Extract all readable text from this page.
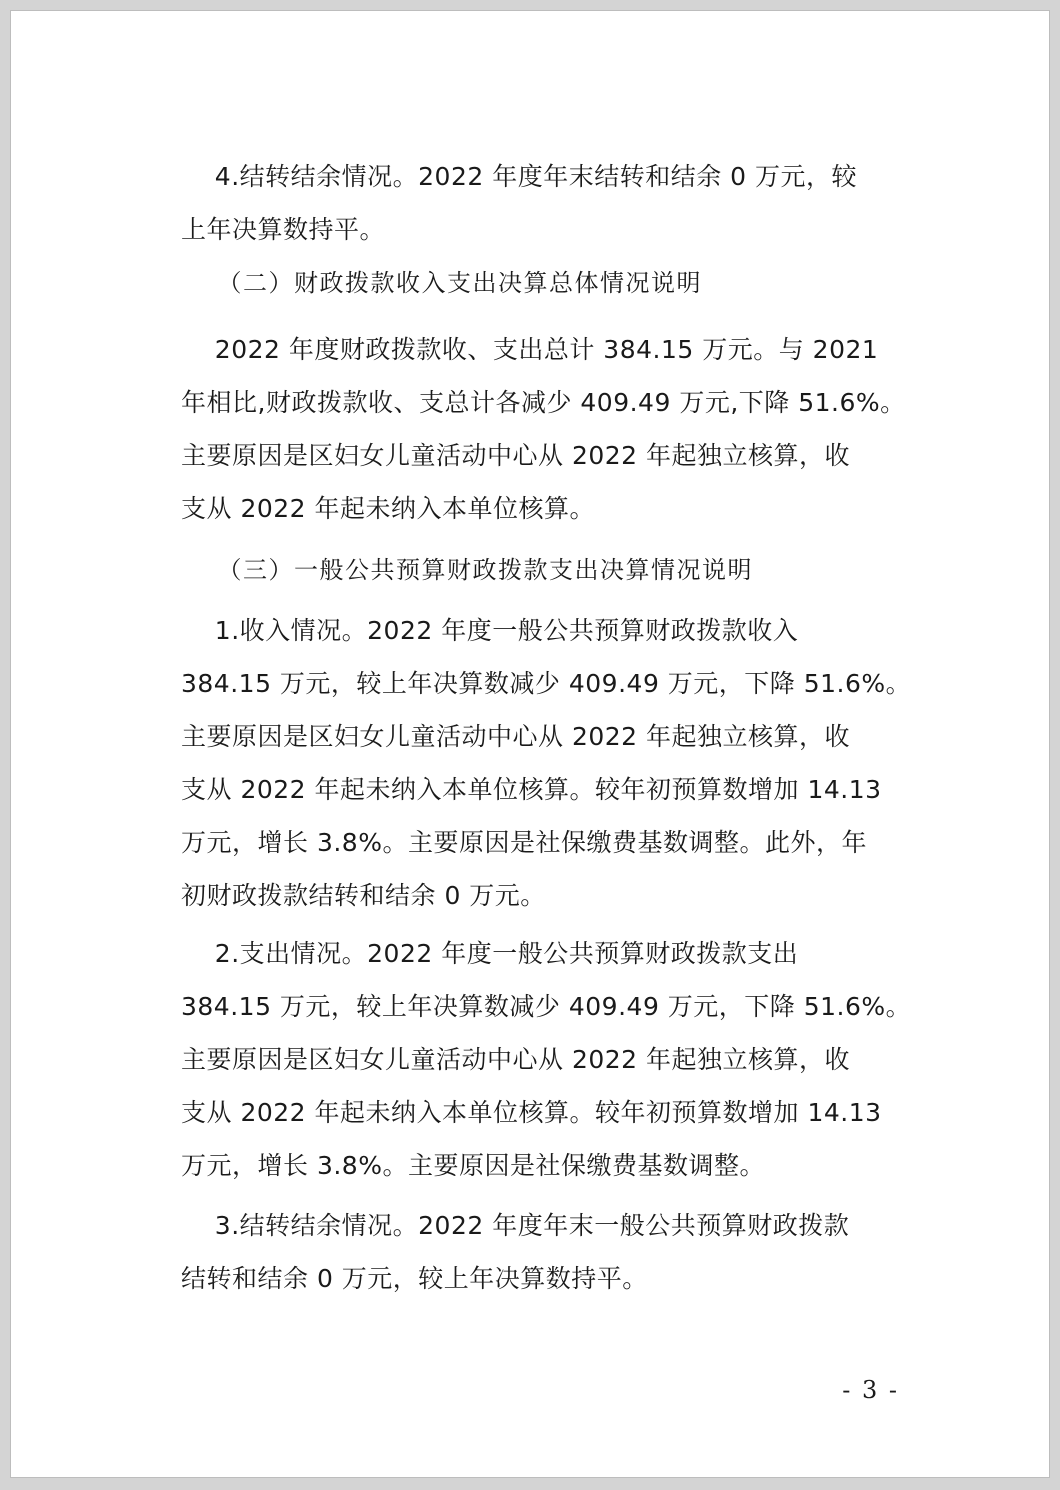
4.结转结余情况。2022 年度年末结转和结余 0 万元，较
上年决算数持平。
（二）财政拨款收入支出决算总体情况说明
2022 年度财政拨款收、支出总计 384.15 万元。与 2021
年相比,财政拨款收、支总计各减少 409.49 万元,下降 51.6%。
主要原因是区妇女儿童活动中心从 2022 年起独立核算，收
支从 2022 年起未纳入本单位核算。
（三）一般公共预算财政拨款支出决算情况说明
1.收入情况。2022 年度一般公共预算财政拨款收入
384.15 万元，较上年决算数减少 409.49 万元，下降 51.6%。
主要原因是区妇女儿童活动中心从 2022 年起独立核算，收
支从 2022 年起未纳入本单位核算。较年初预算数增加 14.13
万元，增长 3.8%。主要原因是社保缴费基数调整。此外，年
初财政拨款结转和结余 0 万元。
2.支出情况。2022 年度一般公共预算财政拨款支出
384.15 万元，较上年决算数减少 409.49 万元，下降 51.6%。
主要原因是区妇女儿童活动中心从 2022 年起独立核算，收
支从 2022 年起未纳入本单位核算。较年初预算数增加 14.13
万元，增长 3.8%。主要原因是社保缴费基数调整。
3.结转结余情况。2022 年度年末一般公共预算财政拨款
结转和结余 0 万元，较上年决算数持平。
- 3 -
